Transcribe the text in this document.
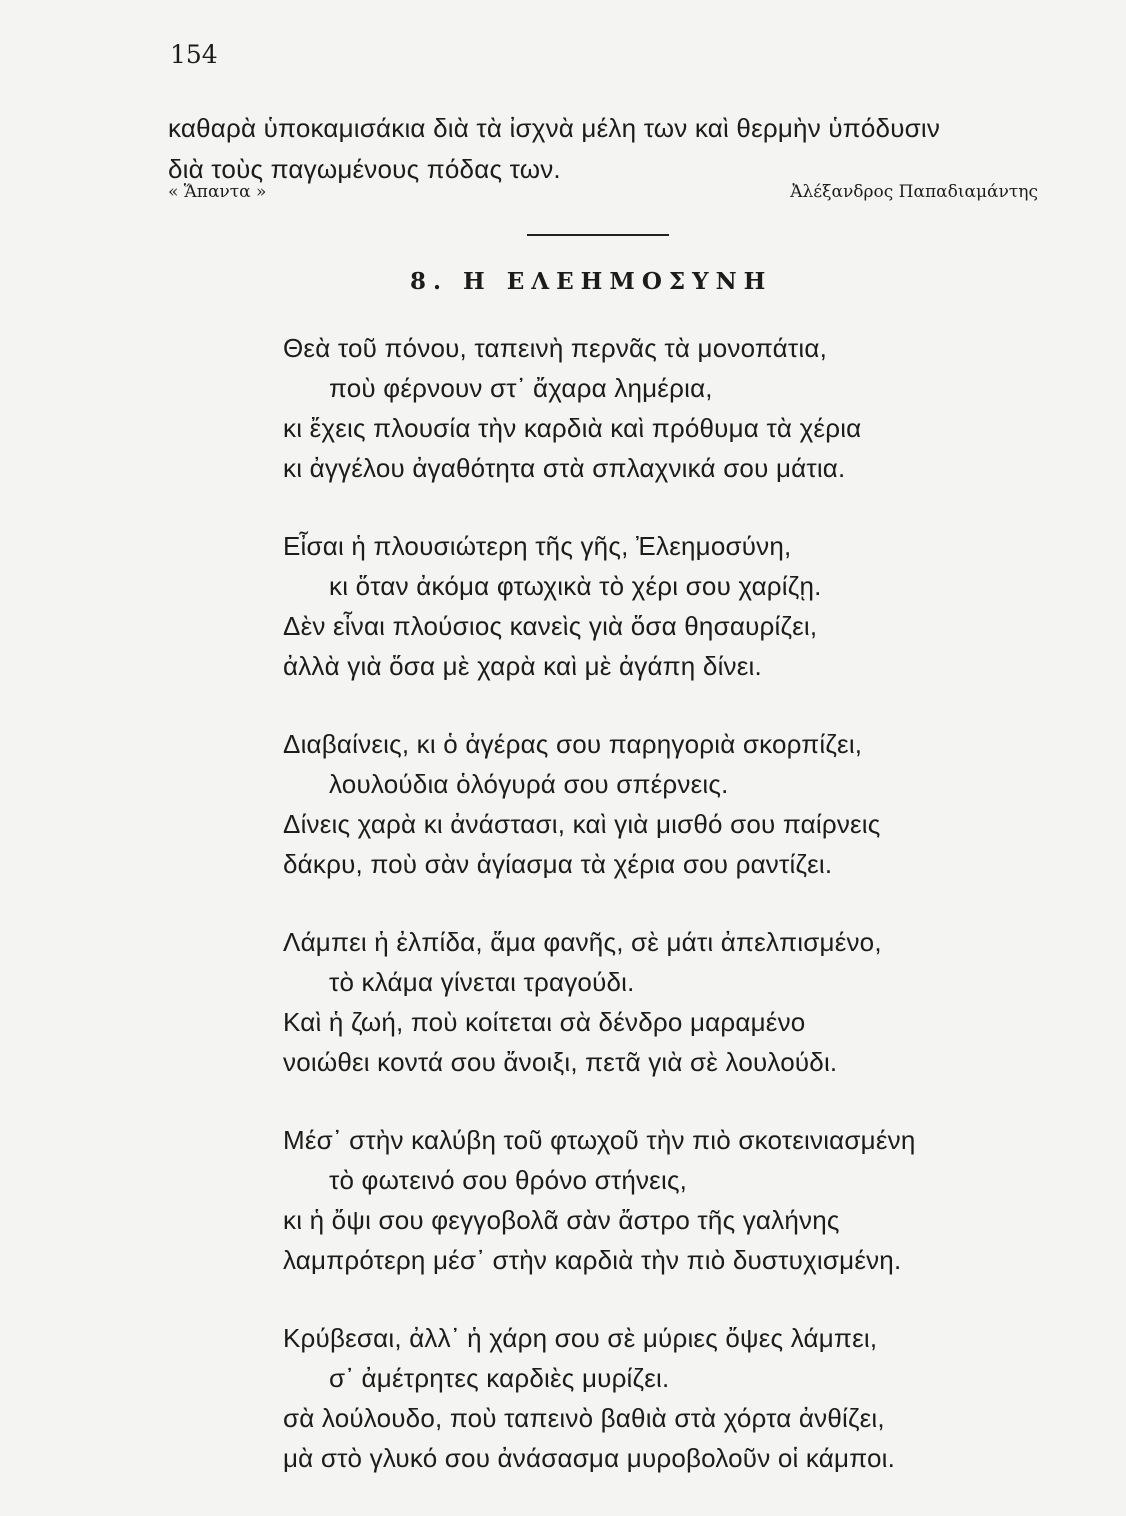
154
καθαρὰ ὑποκαμισάκια διὰ τὰ ἰσχνὰ μέλη των καὶ θερμὴν ὑπόδυσιν
διὰ τοὺς παγωμένους πόδας των.
« Ἅπαντα »	Ἀλέξανδρος Παπαδιαμάντης
8. Η ΕΛΕΗΜΟΣΥΝΗ
Θεὰ τοῦ πόνου, ταπεινὴ περνᾶς τὰ μονοπάτια,
ποὺ φέρνουν στ᾽ ἄχαρα λημέρια,
κι ἔχεις πλουσία τὴν καρδιὰ καὶ πρόθυμα τὰ χέρια
κι ἀγγέλου ἀγαθότητα στὰ σπλαχνικά σου μάτια.
Εἶσαι ἡ πλουσιώτερη τῆς γῆς, Ἐλεημοσύνη,
κι ὅταν ἀκόμα φτωχικὰ τὸ χέρι σου χαρίζῃ.
Δὲν εἶναι πλούσιος κανεὶς γιὰ ὅσα θησαυρίζει,
ἀλλὰ γιὰ ὅσα μὲ χαρὰ καὶ μὲ ἀγάπη δίνει.
Διαβαίνεις, κι ὁ ἀγέρας σου παρηγοριὰ σκορπίζει,
λουλούδια ὁλόγυρά σου σπέρνεις.
Δίνεις χαρὰ κι ἀνάστασι, καὶ γιὰ μισθό σου παίρνεις
δάκρυ, ποὺ σὰν ἁγίασμα τὰ χέρια σου ραντίζει.
Λάμπει ἡ ἐλπίδα, ἅμα φανῆς, σὲ μάτι ἀπελπισμένο,
τὸ κλάμα γίνεται τραγούδι.
Καὶ ἡ ζωή, ποὺ κοίτεται σὰ δένδρο μαραμένο
νοιώθει κοντά σου ἄνοιξι, πετᾶ γιὰ σὲ λουλούδι.
Μέσ᾽ στὴν καλύβη τοῦ φτωχοῦ τὴν πιὸ σκοτεινιασμένη
τὸ φωτεινό σου θρόνο στήνεις,
κι ἡ ὄψι σου φεγγοβολᾶ σὰν ἄστρο τῆς γαλήνης
λαμπρότερη μέσ᾽ στὴν καρδιὰ τὴν πιὸ δυστυχισμένη.
Κρύβεσαι, ἀλλ᾽ ἡ χάρη σου σὲ μύριες ὄψες λάμπει,
σ᾽ ἀμέτρητες καρδιὲς μυρίζει.
σὰ λούλουδο, ποὺ ταπεινὸ βαθιὰ στὰ χόρτα ἀνθίζει,
μὰ στὸ γλυκό σου ἀνάσασμα μυροβολοῦν οἱ κάμποι.
